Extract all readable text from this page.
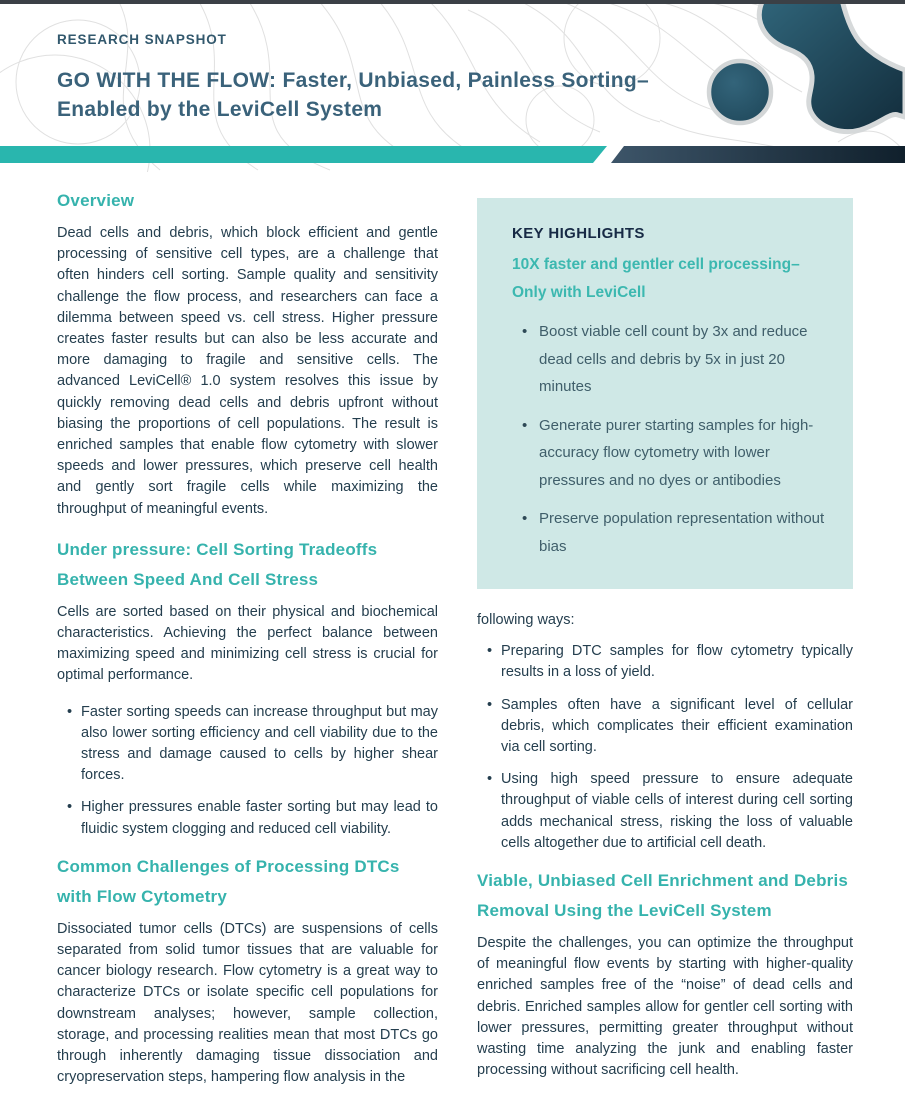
RESEARCH SNAPSHOT
GO WITH THE FLOW: Faster, Unbiased, Painless Sorting–
Enabled by the LeviCell System
Overview

Dead cells and debris, which block efficient and gentle processing of sensitive cell types, are a challenge that often hinders cell sorting. Sample quality and sensitivity challenge the flow process, and researchers can face a dilemma between speed vs. cell stress. Higher pressure creates faster results but can also be less accurate and more damaging to fragile and sensitive cells. The advanced LeviCell® 1.0 system resolves this issue by quickly removing dead cells and debris upfront without biasing the proportions of cell populations. The result is enriched samples that enable flow cytometry with slower speeds and lower pressures, which preserve cell health and gently sort fragile cells while maximizing the throughput of meaningful events.

Under pressure: Cell Sorting Tradeoffs Between Speed And Cell Stress

Cells are sorted based on their physical and biochemical characteristics. Achieving the perfect balance between maximizing speed and minimizing cell stress is crucial for optimal performance.

• Faster sorting speeds can increase throughput but may also lower sorting efficiency and cell viability due to the stress and damage caused to cells by higher shear forces.
• Higher pressures enable faster sorting but may lead to fluidic system clogging and reduced cell viability.
Common Challenges of Processing DTCs with Flow Cytometry

Dissociated tumor cells (DTCs) are suspensions of cells separated from solid tumor tissues that are valuable for cancer biology research. Flow cytometry is a great way to characterize DTCs or isolate specific cell populations for downstream analyses; however, sample collection, storage, and processing realities mean that most DTCs go through inherently damaging tissue dissociation and cryopreservation steps, hampering flow analysis in the

KEY HIGHLIGHTS
10X faster and gentler cell processing–Only with LeviCell
• Boost viable cell count by 3x and reduce dead cells and debris by 5x in just 20 minutes
• Generate purer starting samples for high-accuracy flow cytometry with lower pressures and no dyes or antibodies
• Preserve population representation without bias

following ways:

• Preparing DTC samples for flow cytometry typically results in a loss of yield.
• Samples often have a significant level of cellular debris, which complicates their efficient examination via cell sorting.
• Using high speed pressure to ensure adequate throughput of viable cells of interest during cell sorting adds mechanical stress, risking the loss of valuable cells altogether due to artificial cell death.
Viable, Unbiased Cell Enrichment and Debris Removal Using the LeviCell System

Despite the challenges, you can optimize the throughput of meaningful flow events by starting with higher-quality enriched samples free of the “noise” of dead cells and debris. Enriched samples allow for gentler cell sorting with lower pressures, permitting greater throughput without wasting time analyzing the junk and enabling faster processing without sacrificing cell health.
